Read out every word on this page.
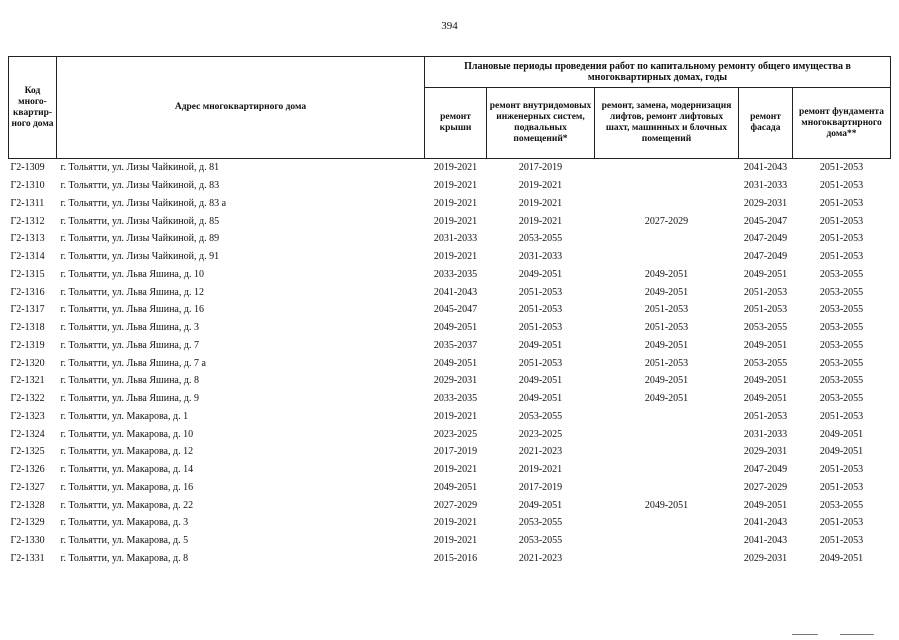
394
Код много-квартир-ного дома	Адрес многоквартирного дома	Плановые периоды проведения работ по капитальному ремонту общего имущества в многоквартирных домах, годы				
		ремонт крыши	ремонт внутридомовых инженерных систем, подвальных помещений*	ремонт, замена, модернизация лифтов, ремонт лифтовых шахт, машинных и блочных помещений	ремонт фасада	ремонт фундамента многоквартирного дома**
Г2-1309	г. Тольятти, ул. Лизы Чайкиной, д. 81	2019-2021	2017-2019		2041-2043	2051-2053
Г2-1310	г. Тольятти, ул. Лизы Чайкиной, д. 83	2019-2021	2019-2021		2031-2033	2051-2053
Г2-1311	г. Тольятти, ул. Лизы Чайкиной, д. 83 а	2019-2021	2019-2021		2029-2031	2051-2053
Г2-1312	г. Тольятти, ул. Лизы Чайкиной, д. 85	2019-2021	2019-2021	2027-2029	2045-2047	2051-2053
Г2-1313	г. Тольятти, ул. Лизы Чайкиной, д. 89	2031-2033	2053-2055		2047-2049	2051-2053
Г2-1314	г. Тольятти, ул. Лизы Чайкиной, д. 91	2019-2021	2031-2033		2047-2049	2051-2053
Г2-1315	г. Тольятти, ул. Льва Яшина, д. 10	2033-2035	2049-2051	2049-2051	2049-2051	2053-2055
Г2-1316	г. Тольятти, ул. Льва Яшина, д. 12	2041-2043	2051-2053	2049-2051	2051-2053	2053-2055
Г2-1317	г. Тольятти, ул. Льва Яшина, д. 16	2045-2047	2051-2053	2051-2053	2051-2053	2053-2055
Г2-1318	г. Тольятти, ул. Льва Яшина, д. 3	2049-2051	2051-2053	2051-2053	2053-2055	2053-2055
Г2-1319	г. Тольятти, ул. Льва Яшина, д. 7	2035-2037	2049-2051	2049-2051	2049-2051	2053-2055
Г2-1320	г. Тольятти, ул. Льва Яшина, д. 7 а	2049-2051	2051-2053	2051-2053	2053-2055	2053-2055
Г2-1321	г. Тольятти, ул. Льва Яшина, д. 8	2029-2031	2049-2051	2049-2051	2049-2051	2053-2055
Г2-1322	г. Тольятти, ул. Льва Яшина, д. 9	2033-2035	2049-2051	2049-2051	2049-2051	2053-2055
Г2-1323	г. Тольятти, ул. Макарова, д. 1	2019-2021	2053-2055		2051-2053	2051-2053
Г2-1324	г. Тольятти, ул. Макарова, д. 10	2023-2025	2023-2025		2031-2033	2049-2051
Г2-1325	г. Тольятти, ул. Макарова, д. 12	2017-2019	2021-2023		2029-2031	2049-2051
Г2-1326	г. Тольятти, ул. Макарова, д. 14	2019-2021	2019-2021		2047-2049	2051-2053
Г2-1327	г. Тольятти, ул. Макарова, д. 16	2049-2051	2017-2019		2027-2029	2051-2053
Г2-1328	г. Тольятти, ул. Макарова, д. 22	2027-2029	2049-2051	2049-2051	2049-2051	2053-2055
Г2-1329	г. Тольятти, ул. Макарова, д. 3	2019-2021	2053-2055		2041-2043	2051-2053
Г2-1330	г. Тольятти, ул. Макарова, д. 5	2019-2021	2053-2055		2041-2043	2051-2053
Г2-1331	г. Тольятти, ул. Макарова, д. 8	2015-2016	2021-2023		2029-2031	2049-2051
